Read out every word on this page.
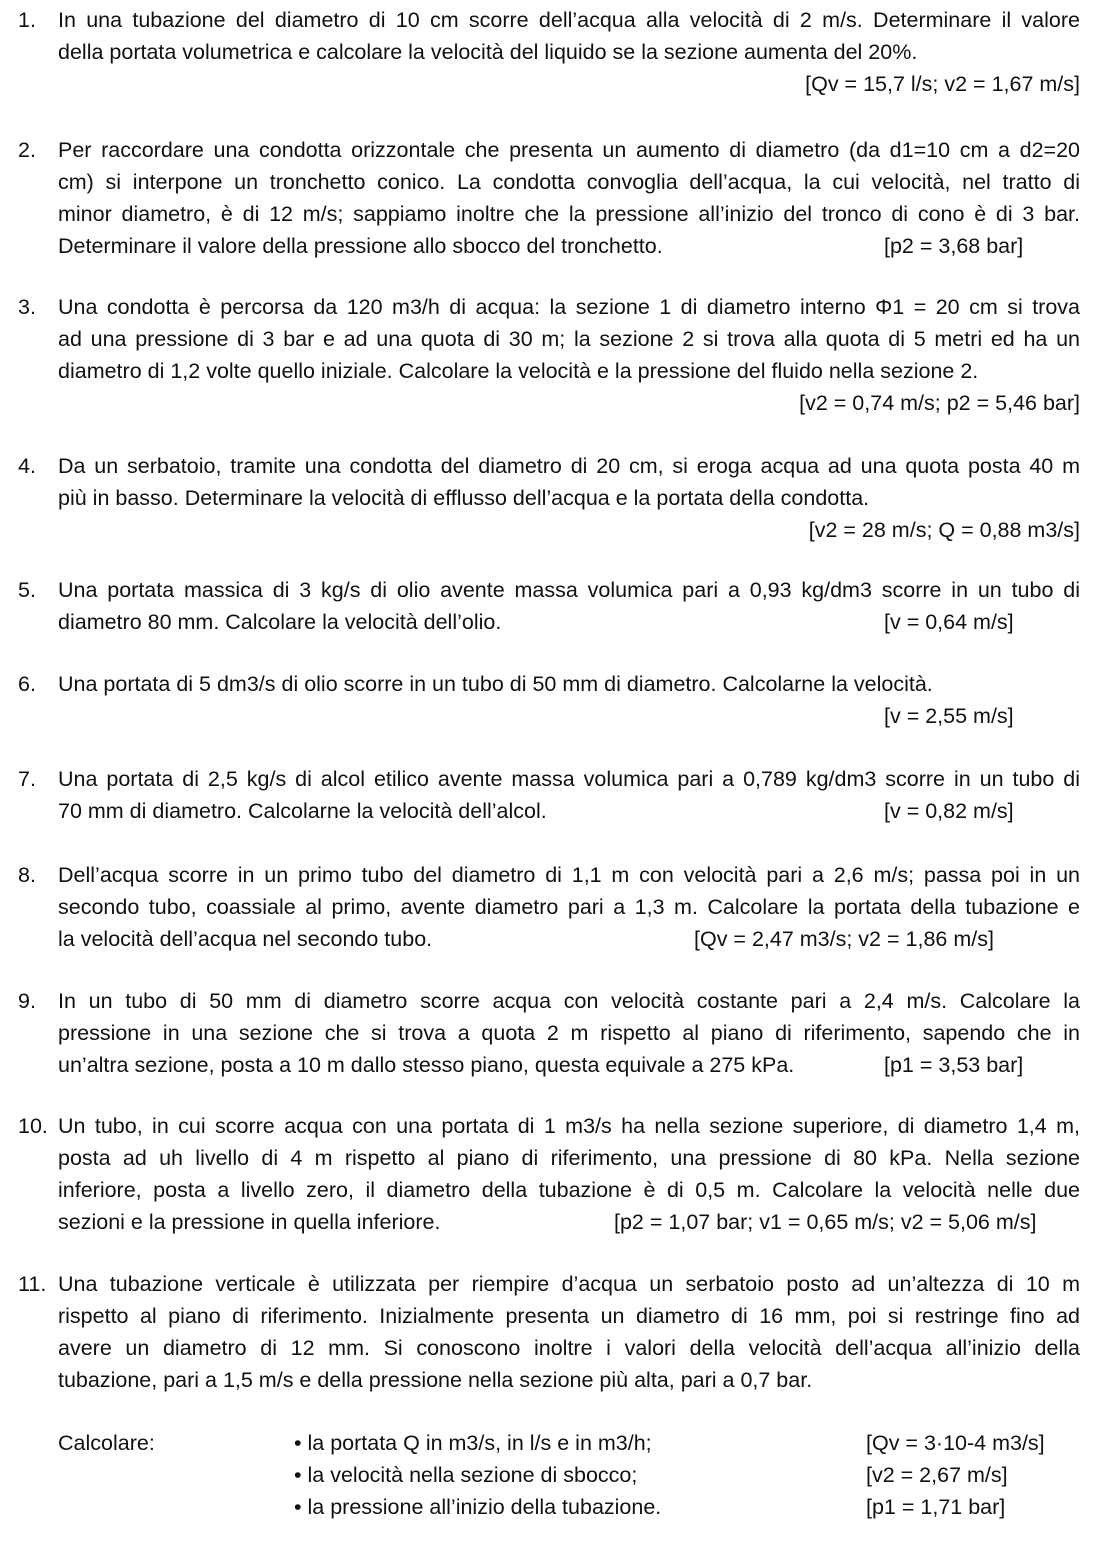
1.	In una tubazione del diametro di 10 cm scorre dell’acqua alla velocità di 2 m/s. Determinare il valore
della portata volumetrica e calcolare la velocità del liquido se la sezione aumenta del 20%.
[Qv = 15,7 l/s; v2 = 1,67 m/s]
2.	Per raccordare una condotta orizzontale che presenta un aumento di diametro (da d1=10 cm a d2=20
cm) si interpone un tronchetto conico. La condotta convoglia dell’acqua, la cui velocità, nel tratto di
minor diametro, è di 12 m/s; sappiamo inoltre che la pressione all’inizio del tronco di cono è di 3 bar.
Determinare il valore della pressione allo sbocco del tronchetto.	[p2 = 3,68 bar]
3.	Una condotta è percorsa da 120 m3/h di acqua: la sezione 1 di diametro interno Φ1 = 20 cm si trova
ad una pressione di 3 bar e ad una quota di 30 m; la sezione 2 si trova alla quota di 5 metri ed ha un
diametro di 1,2 volte quello iniziale. Calcolare la velocità e la pressione del fluido nella sezione 2.
[v2 = 0,74 m/s; p2 = 5,46 bar]
4.	Da un serbatoio, tramite una condotta del diametro di 20 cm, si eroga acqua ad una quota posta 40 m
più in basso. Determinare la velocità di efflusso dell’acqua e la portata della condotta.
[v2 = 28 m/s; Q = 0,88 m3/s]
5.	Una portata massica di 3 kg/s di olio avente massa volumica pari a 0,93 kg/dm3 scorre in un tubo di
diametro 80 mm. Calcolare la velocità dell’olio.	[v = 0,64 m/s]
6.	Una portata di 5 dm3/s di olio scorre in un tubo di 50 mm di diametro. Calcolarne la velocità.
[v = 2,55 m/s]
7.	Una portata di 2,5 kg/s di alcol etilico avente massa volumica pari a 0,789 kg/dm3 scorre in un tubo di
70 mm di diametro. Calcolarne la velocità dell’alcol.	[v = 0,82 m/s]
8.	Dell’acqua scorre in un primo tubo del diametro di 1,1 m con velocità pari a 2,6 m/s; passa poi in un
secondo tubo, coassiale al primo, avente diametro pari a 1,3 m. Calcolare la portata della tubazione e
la velocità dell’acqua nel secondo tubo.	[Qv = 2,47 m3/s; v2 = 1,86 m/s]
9.	In un tubo di 50 mm di diametro scorre acqua con velocità costante pari a 2,4 m/s. Calcolare la
pressione in una sezione che si trova a quota 2 m rispetto al piano di riferimento, sapendo che in
un’altra sezione, posta a 10 m dallo stesso piano, questa equivale a 275 kPa.	[p1 = 3,53 bar]
10. Un tubo, in cui scorre acqua con una portata di 1 m3/s ha nella sezione superiore, di diametro 1,4 m,
posta ad uh livello di 4 m rispetto al piano di riferimento, una pressione di 80 kPa. Nella sezione
inferiore, posta a livello zero, il diametro della tubazione è di 0,5 m. Calcolare la velocità nelle due
sezioni e la pressione in quella inferiore.	[p2 = 1,07 bar; v1 = 0,65 m/s; v2 = 5,06 m/s]
11. Una tubazione verticale è utilizzata per riempire d’acqua un serbatoio posto ad un’altezza di 10 m
rispetto al piano di riferimento. Inizialmente presenta un diametro di 16 mm, poi si restringe fino ad
avere un diametro di 12 mm. Si conoscono inoltre i valori della velocità dell’acqua all’inizio della
tubazione, pari a 1,5 m/s e della pressione nella sezione più alta, pari a 0,7 bar.
Calcolare:	• la portata Q in m3/s, in l/s e in m3/h;	[Qv = 3·10-4 m3/s]
• la velocità nella sezione di sbocco;	[v2 = 2,67 m/s]
• la pressione all’inizio della tubazione.	[p1 = 1,71 bar]
